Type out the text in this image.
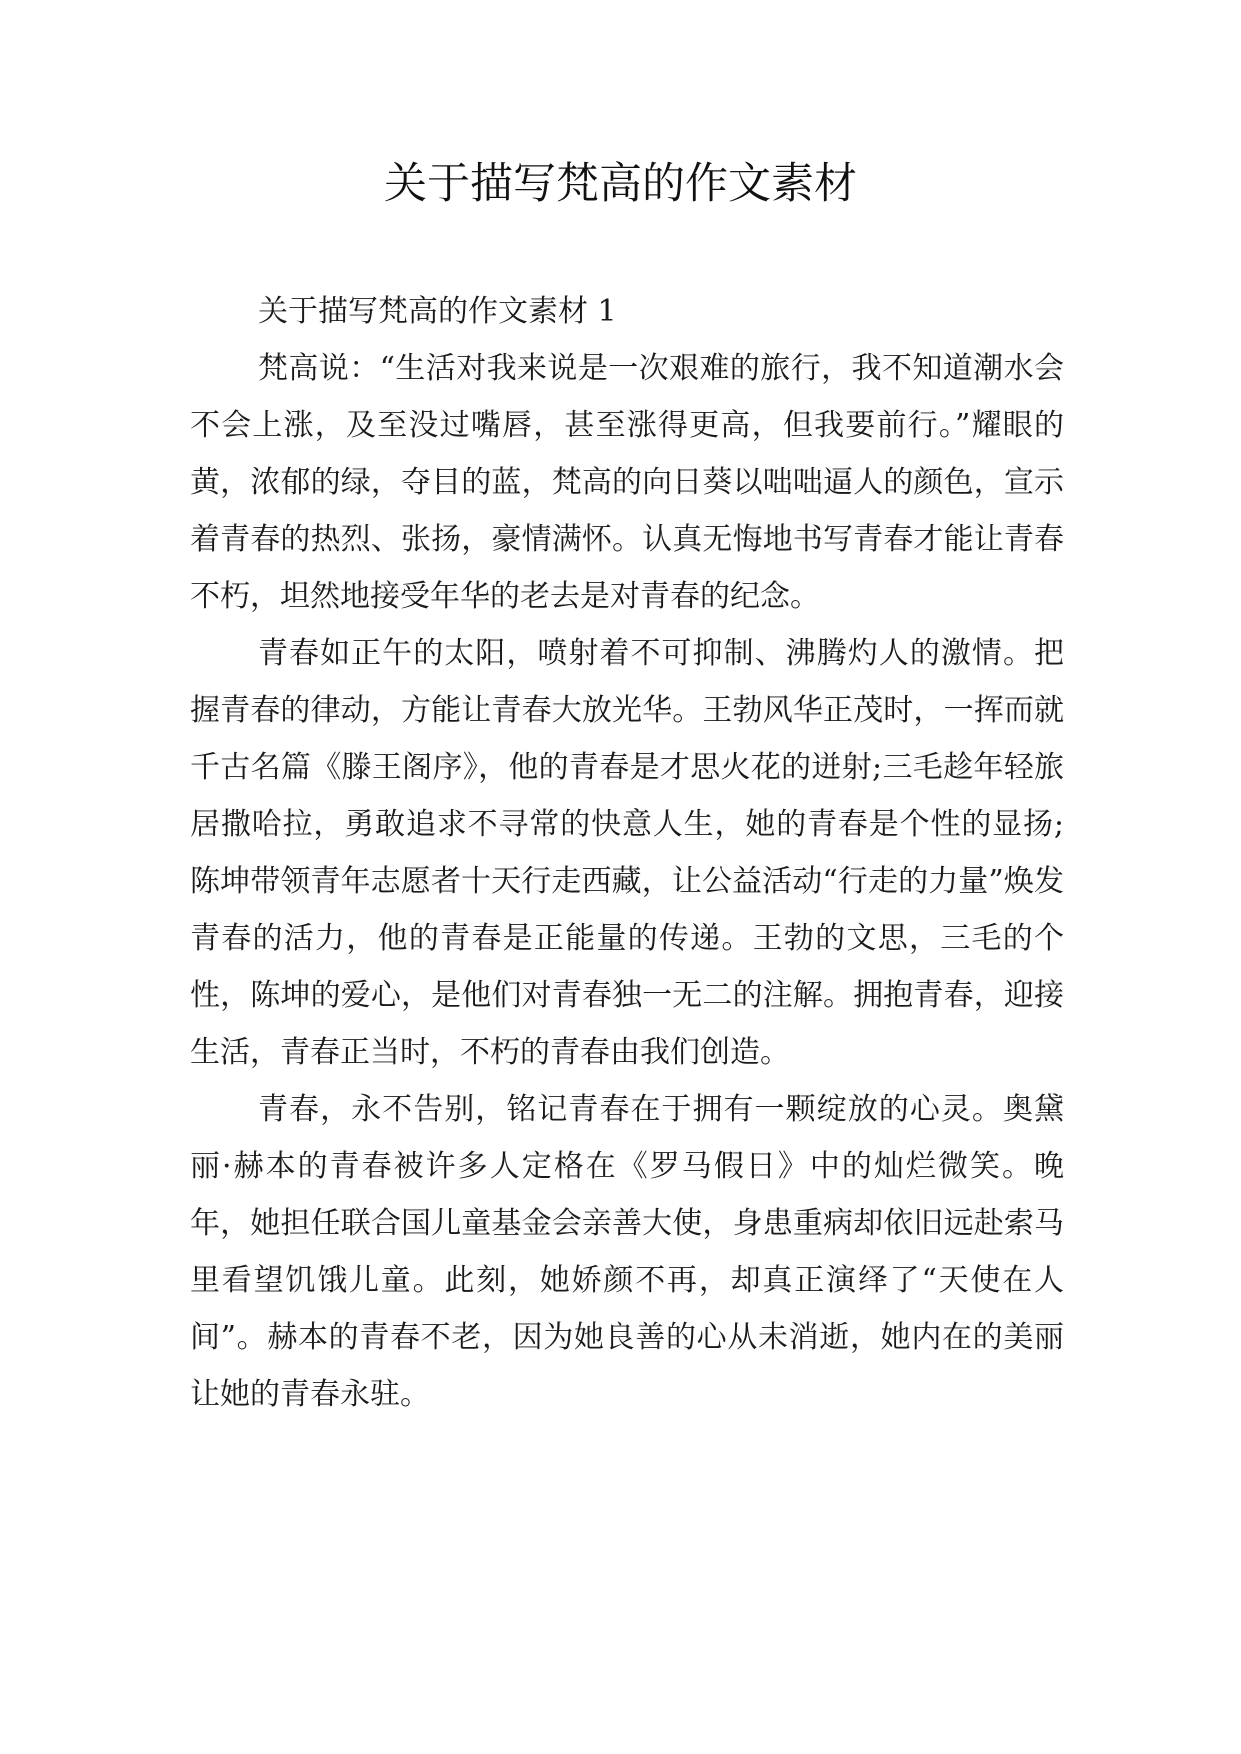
关于描写梵高的作文素材

关于描写梵高的作文素材 1

梵高说：“生活对我来说是一次艰难的旅行，我不知道潮水会不会上涨，及至没过嘴唇，甚至涨得更高，但我要前行。”耀眼的黄，浓郁的绿，夺目的蓝，梵高的向日葵以咄咄逼人的颜色，宣示着青春的热烈、张扬，豪情满怀。认真无悔地书写青春才能让青春不朽，坦然地接受年华的老去是对青春的纪念。

青春如正午的太阳，喷射着不可抑制、沸腾灼人的激情。把握青春的律动，方能让青春大放光华。王勃风华正茂时，一挥而就千古名篇《滕王阁序》，他的青春是才思火花的迸射;三毛趁年轻旅居撒哈拉，勇敢追求不寻常的快意人生，她的青春是个性的显扬;陈坤带领青年志愿者十天行走西藏，让公益活动“行走的力量”焕发青春的活力，他的青春是正能量的传递。王勃的文思，三毛的个性，陈坤的爱心，是他们对青春独一无二的注解。拥抱青春，迎接生活，青春正当时，不朽的青春由我们创造。

青春，永不告别，铭记青春在于拥有一颗绽放的心灵。奥黛丽·赫本的青春被许多人定格在《罗马假日》中的灿烂微笑。晚年，她担任联合国儿童基金会亲善大使，身患重病却依旧远赴索马里看望饥饿儿童。此刻，她娇颜不再，却真正演绎了“天使在人间”。赫本的青春不老，因为她良善的心从未消逝，她内在的美丽让她的青春永驻。
